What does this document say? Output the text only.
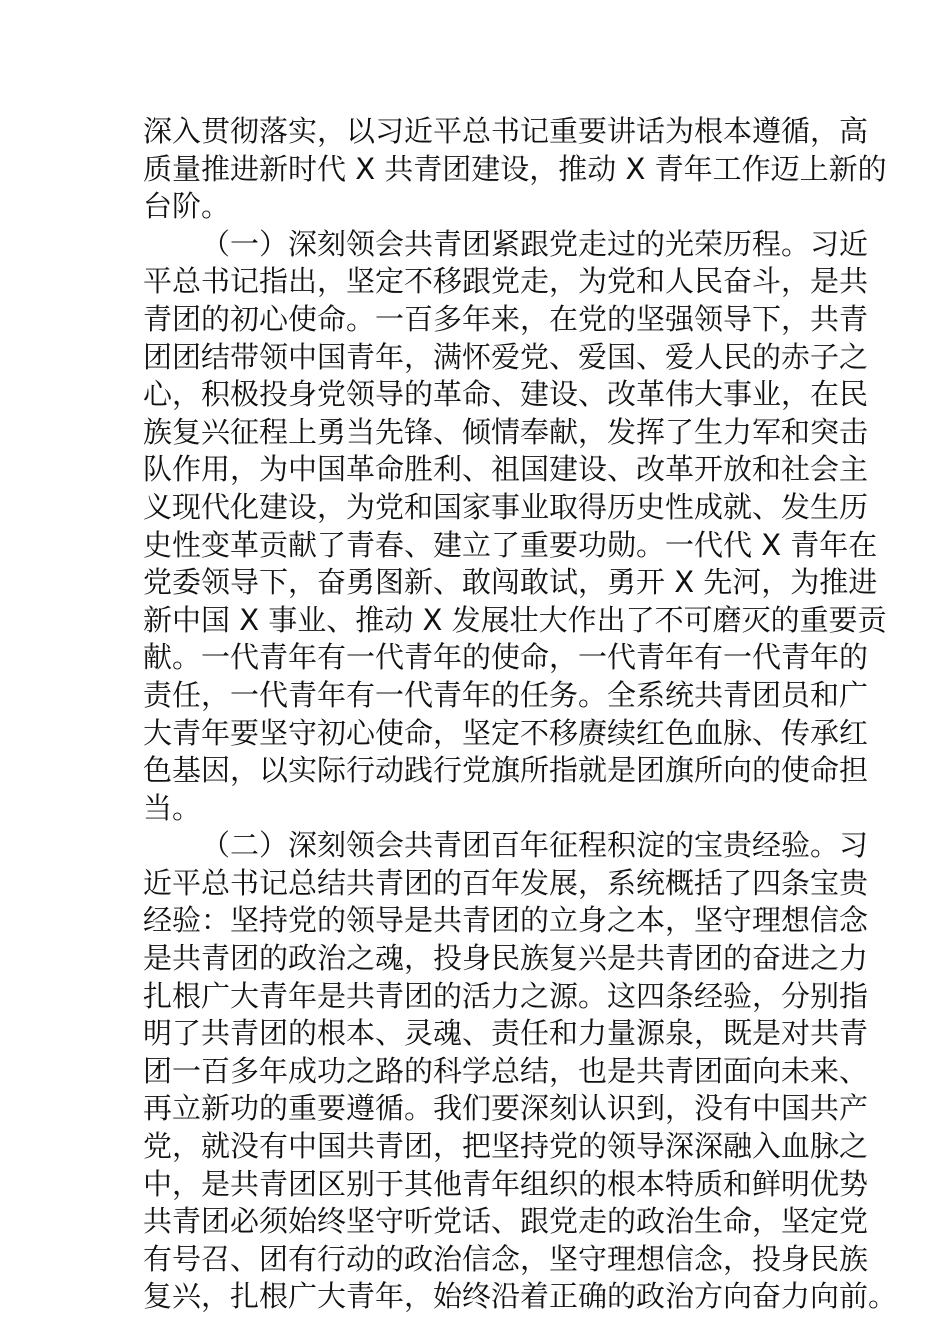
深入贯彻落实，以习近平总书记重要讲话为根本遵循，高
质量推进新时代 X 共青团建设，推动 X 青年工作迈上新的
台阶。
（一）深刻领会共青团紧跟党走过的光荣历程。习近
平总书记指出，坚定不移跟党走，为党和人民奋斗，是共
青团的初心使命。一百多年来，在党的坚强领导下，共青
团团结带领中国青年，满怀爱党、爱国、爱人民的赤子之
心，积极投身党领导的革命、建设、改革伟大事业，在民
族复兴征程上勇当先锋、倾情奉献，发挥了生力军和突击
队作用，为中国革命胜利、祖国建设、改革开放和社会主
义现代化建设，为党和国家事业取得历史性成就、发生历
史性变革贡献了青春、建立了重要功勋。一代代 X 青年在
党委领导下，奋勇图新、敢闯敢试，勇开 X 先河，为推进
新中国 X 事业、推动 X 发展壮大作出了不可磨灭的重要贡
献。一代青年有一代青年的使命，一代青年有一代青年的
责任，一代青年有一代青年的任务。全系统共青团员和广
大青年要坚守初心使命，坚定不移赓续红色血脉、传承红
色基因，以实际行动践行党旗所指就是团旗所向的使命担
当。
（二）深刻领会共青团百年征程积淀的宝贵经验。习
近平总书记总结共青团的百年发展，系统概括了四条宝贵
经验：坚持党的领导是共青团的立身之本，坚守理想信念
是共青团的政治之魂，投身民族复兴是共青团的奋进之力
扎根广大青年是共青团的活力之源。这四条经验，分别指
明了共青团的根本、灵魂、责任和力量源泉，既是对共青
团一百多年成功之路的科学总结，也是共青团面向未来、
再立新功的重要遵循。我们要深刻认识到，没有中国共产
党，就没有中国共青团，把坚持党的领导深深融入血脉之
中，是共青团区别于其他青年组织的根本特质和鲜明优势
共青团必须始终坚守听党话、跟党走的政治生命，坚定党
有号召、团有行动的政治信念，坚守理想信念，投身民族
复兴，扎根广大青年，始终沿着正确的政治方向奋力向前。
